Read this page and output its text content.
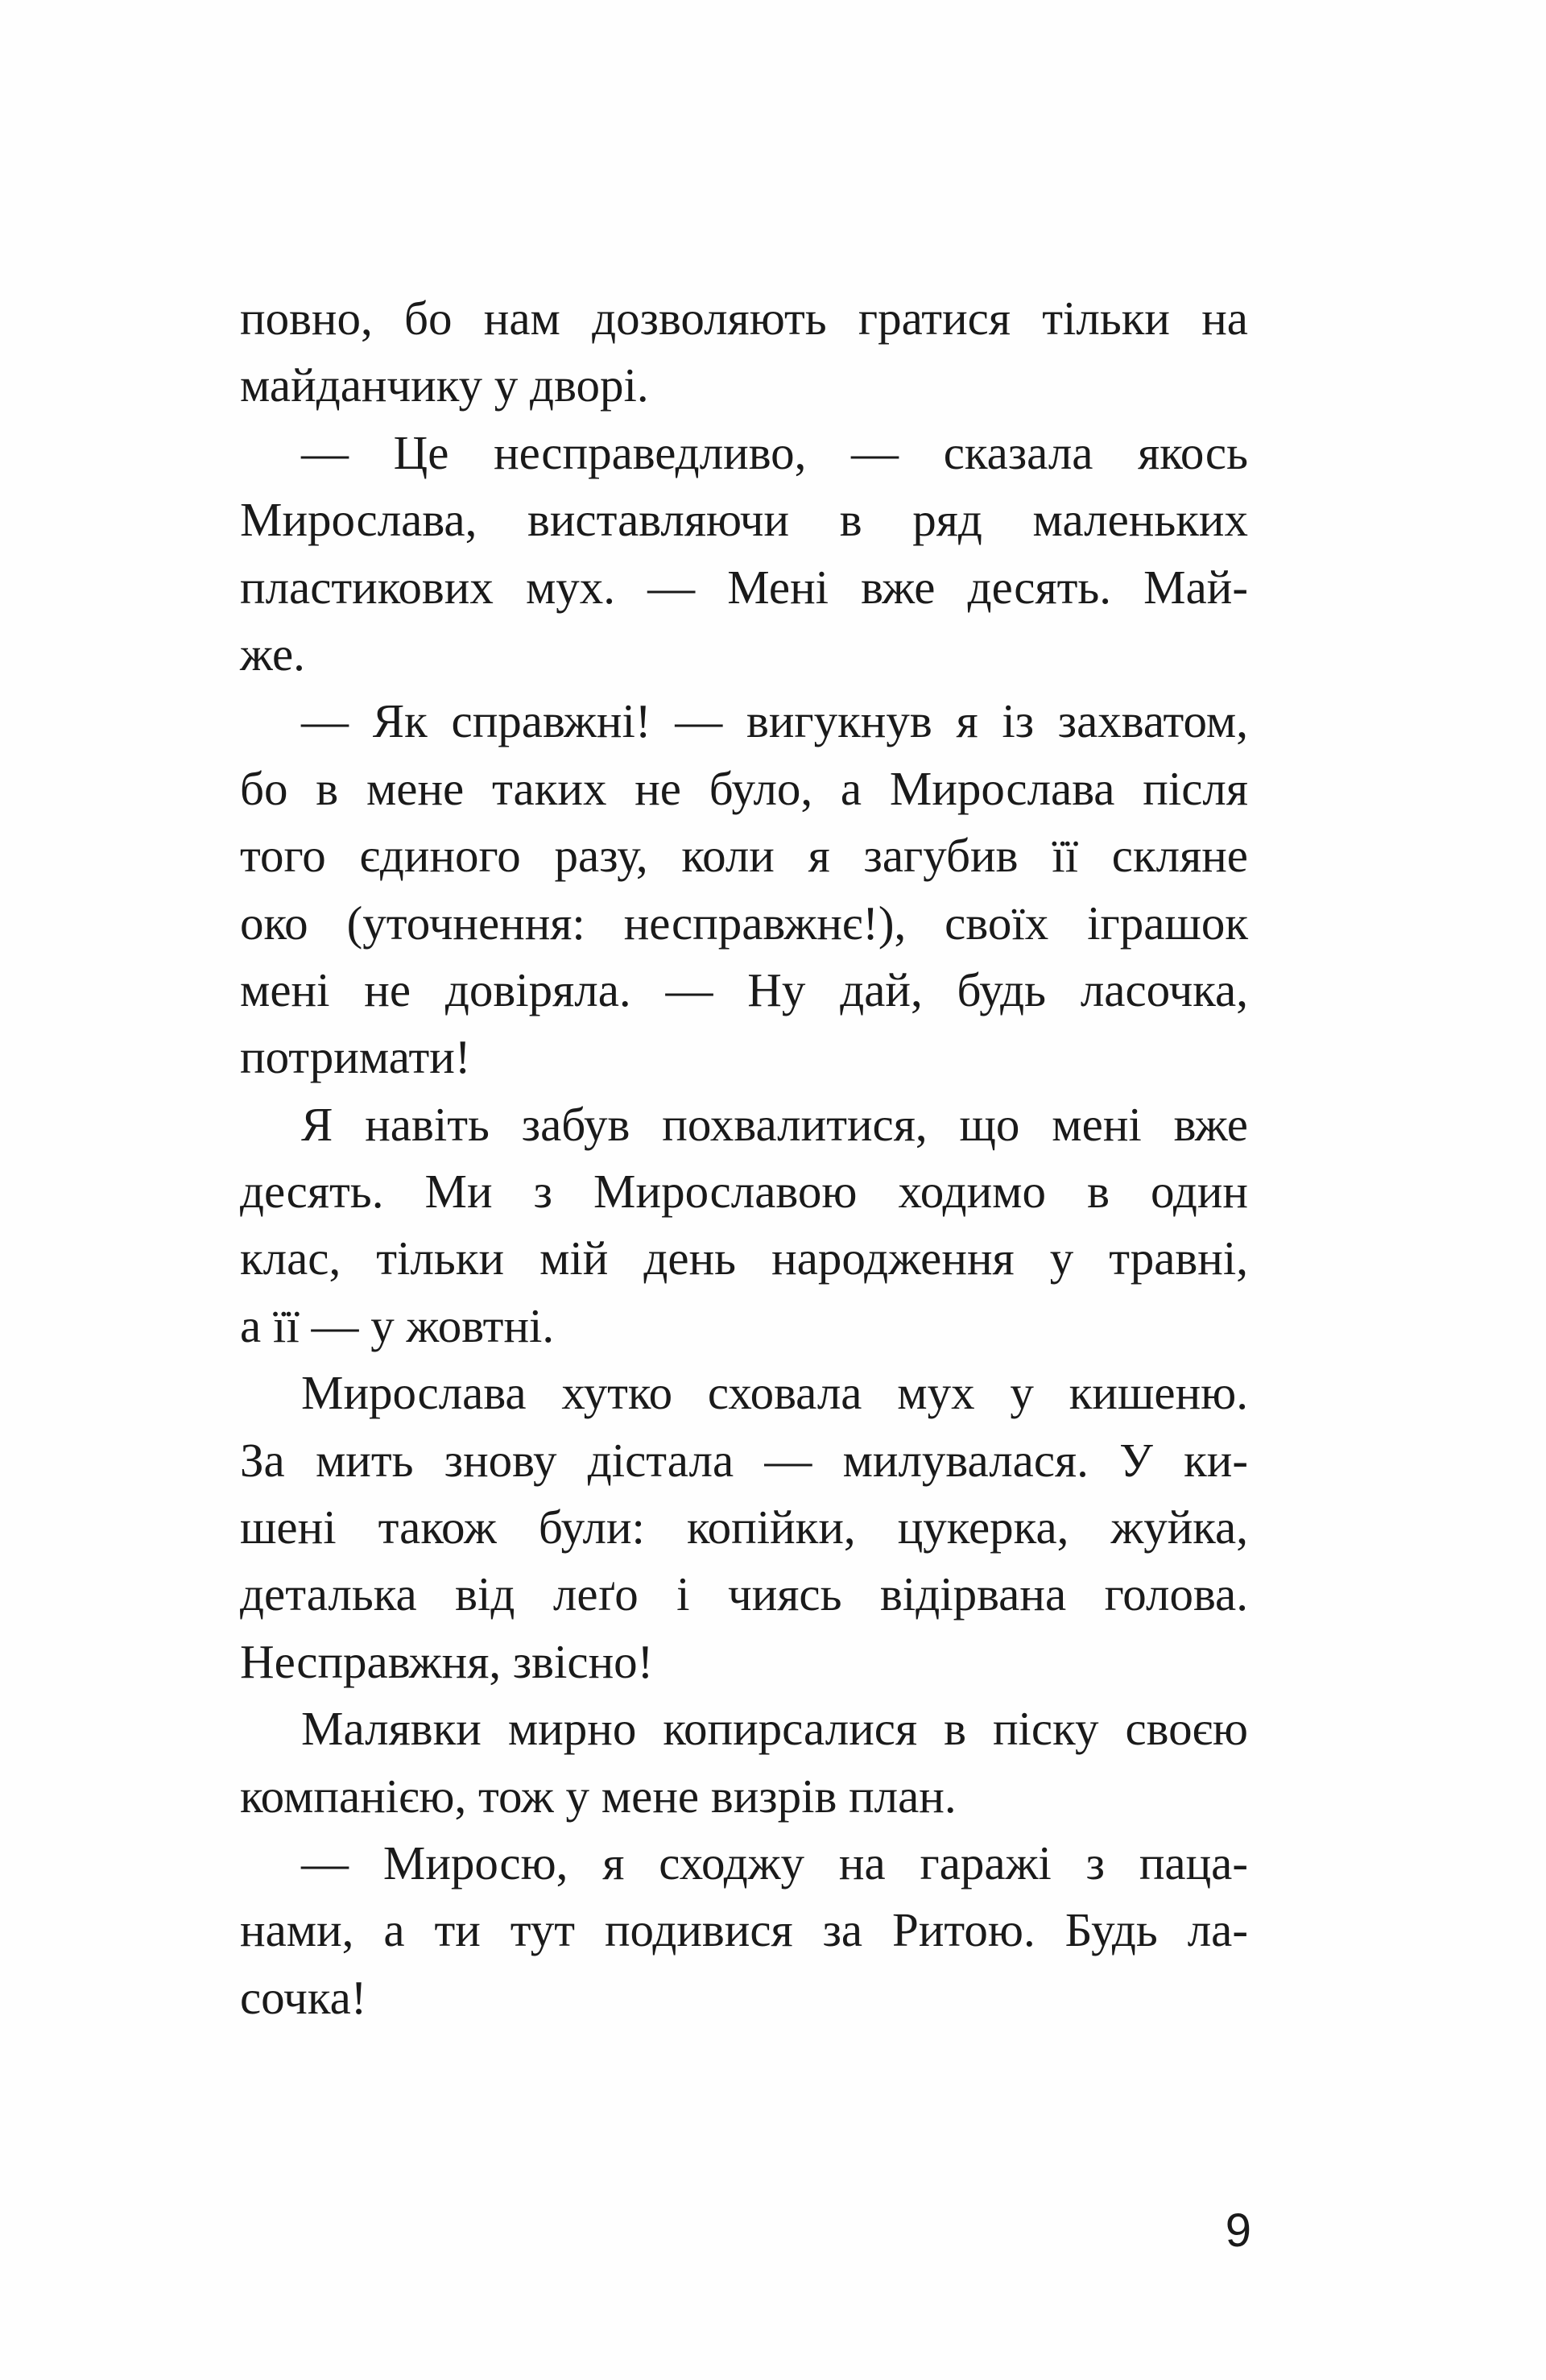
повно, бо нам дозволяють гратися тільки на
майданчику у дворі.
— Це несправедливо, — сказала якось
Мирослава, виставляючи в ряд маленьких
пластикових мух. — Мені вже десять. Май-
же.
— Як справжні! — вигукнув я із захватом,
бо в мене таких не було, а Мирослава після
того єдиного разу, коли я загубив її скляне
око (уточнення: несправжнє!), своїх іграшок
мені не довіряла. — Ну дай, будь ласочка,
потримати!
Я навіть забув похвалитися, що мені вже
десять. Ми з Мирославою ходимо в один
клас, тільки мій день народження у травні,
а її — у жовтні.
Мирослава хутко сховала мух у кишеню.
За мить знову дістала — милувалася. У ки-
шені також були: копійки, цукерка, жуйка,
деталька від леґо і чиясь відірвана голова.
Несправжня, звісно!
Малявки мирно копирсалися в піску своєю
компанією, тож у мене визрів план.
— Миросю, я сходжу на гаражі з паца-
нами, а ти тут подивися за Ритою. Будь ла-
сочка!
9
